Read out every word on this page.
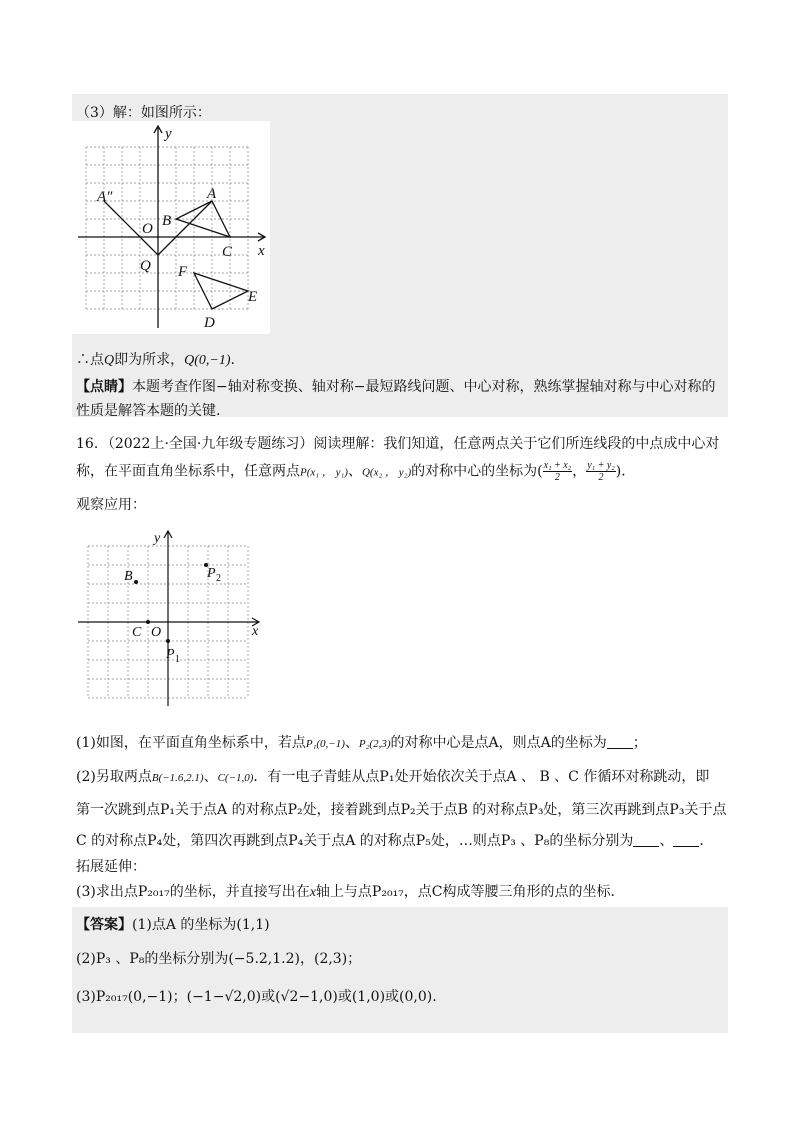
（3）解：如图所示：
y
x
A″	A
B
O
C
Q F
E
D
∴点Q即为所求，Q(0,−1).
【点睛】本题考查作图−轴对称变换、轴对称−最短路线问题、中心对称，熟练掌握轴对称与中心对称的
性质是解答本题的关键.
16．（2022上·全国·九年级专题练习）阅读理解：我们知道，任意两点关于它们所连线段的中点成中心对
称，在平面直角坐标系中，任意两点P(x₁ ， y₁)、Q(x₂ ， y₂)的对称中心的坐标为( $\frac{\text{x₁ + x₂}}{2}$ ， $\frac{\text{y₁ + y₂}}{2}$ )．
观察应用：
y
x
B	P 2
C O
P 1
(1)如图，在平面直角坐标系中，若点P₁(0,−1)、P₂(2,3)的对称中心是点A，则点A的坐标为 ；
(2)另取两点B(−1.6,2.1)、C(−1,0)．有一电子青蛙从点P₁处开始依次关于点A 、 B 、C 作循环对称跳动，即
第一次跳到点P₁关于点A 的对称点P₂处，接着跳到点P₂关于点B 的对称点P₃处，第三次再跳到点P₃关于点
C 的对称点P₄处，第四次再跳到点P₄关于点A 的对称点P₅处，…则点P₃ 、P₈的坐标分别为 、 ．
拓展延伸：
(3)求出点P₂₀₁₇的坐标，并直接写出在x轴上与点P₂₀₁₇，点C构成等腰三角形的点的坐标．
【答案】(1)点A 的坐标为(1,1)
(2)P₃ 、P₈的坐标分别为(−5.2,1.2)，(2,3)；
(3)P₂₀₁₇(0,−1)；(−1−√2,0)或(√2−1,0)或(1,0)或(0,0).
